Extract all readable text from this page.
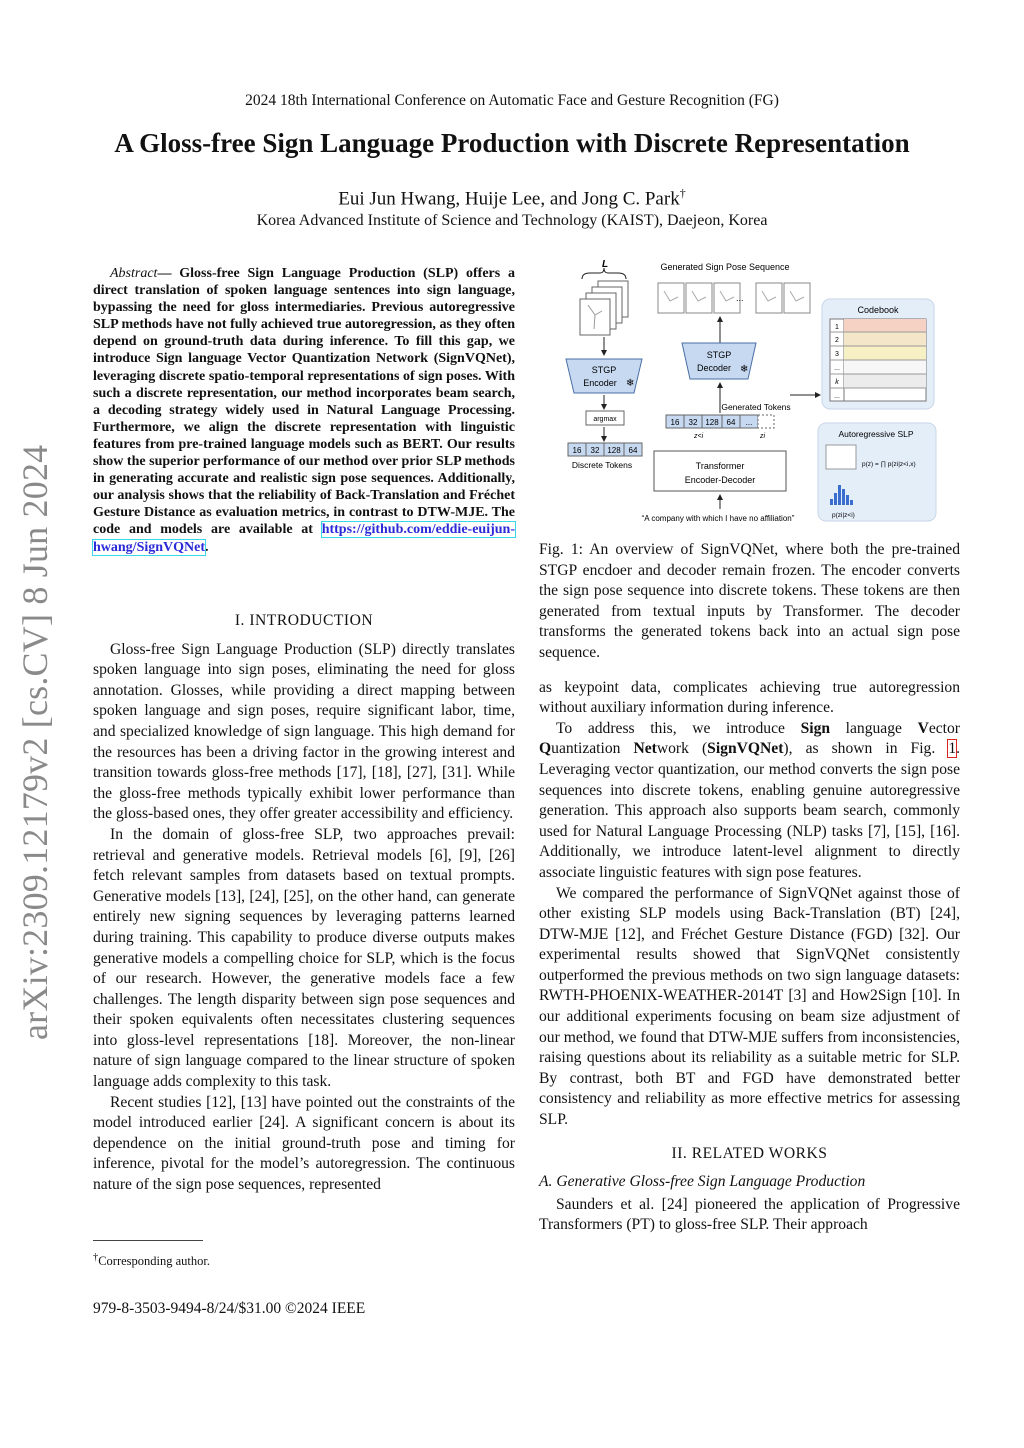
2024 18th International Conference on Automatic Face and Gesture Recognition (FG)
A Gloss-free Sign Language Production with Discrete Representation
Eui Jun Hwang, Huije Lee, and Jong C. Park†
Korea Advanced Institute of Science and Technology (KAIST), Daejeon, Korea
arXiv:2309.12179v2 [cs.CV] 8 Jun 2024

Abstract— Gloss-free Sign Language Production (SLP) offers a direct translation of spoken language sentences into sign language, bypassing the need for gloss intermediaries. Previous autoregressive SLP methods have not fully achieved true autoregression, as they often depend on ground-truth data during inference. To fill this gap, we introduce Sign language Vector Quantization Network (SignVQNet), leveraging discrete spatio-temporal representations of sign poses. With such a discrete representation, our method incorporates beam search, a decoding strategy widely used in Natural Language Processing. Furthermore, we align the discrete representation with linguistic features from pre-trained language models such as BERT. Our results show the superior performance of our method over prior SLP methods in generating accurate and realistic sign pose sequences. Additionally, our analysis shows that the reliability of Back-Translation and Fréchet Gesture Distance as evaluation metrics, in contrast to DTW-MJE. The code and models are available at https://github.com/eddie-euijun-hwang/SignVQNet.

I. INTRODUCTION

Gloss-free Sign Language Production (SLP) directly translates spoken language into sign poses, eliminating the need for gloss annotation. Glosses, while providing a direct mapping between spoken language and sign poses, require significant labor, time, and specialized knowledge of sign language. This high demand for the resources has been a driving factor in the growing interest and transition towards gloss-free methods [17], [18], [27], [31]. While the gloss-free methods typically exhibit lower performance than the gloss-based ones, they offer greater accessibility and efficiency.

In the domain of gloss-free SLP, two approaches prevail: retrieval and generative models. Retrieval models [6], [9], [26] fetch relevant samples from datasets based on textual prompts. Generative models [13], [24], [25], on the other hand, can generate entirely new signing sequences by leveraging patterns learned during training. This capability to produce diverse outputs makes generative models a compelling choice for SLP, which is the focus of our research. However, the generative models face a few challenges. The length disparity between sign pose sequences and their spoken equivalents often necessitates clustering sequences into gloss-level representations [18]. Moreover, the non-linear nature of sign language compared to the linear structure of spoken language adds complexity to this task.

Recent studies [12], [13] have pointed out the constraints of the model introduced earlier [24]. A significant concern is about its dependence on the initial ground-truth pose and timing for inference, pivotal for the model’s autoregression. The continuous nature of the sign pose sequences, represented

†Corresponding author.
979-8-3503-9494-8/24/$31.00 ©2024 IEEE
L
STGP
Encoder ❄
argmax
16 32 128 64
Discrete Tokens
Generated Sign Pose Sequence
...
STGP
Decoder ❄
Codebook
1
2
3
...
k
...
Generated Tokens
16 32 128 64 ...
z<i	zi
Transformer
Encoder-Decoder
“A company with which I have no affiliation”
Autoregressive SLP
p(z) = ∏ p(zi|z<i,x)
p(zi|z<i)
Fig. 1: An overview of SignVQNet, where both the pre-trained STGP encdoer and decoder remain frozen. The encoder converts the sign pose sequence into discrete tokens. These tokens are then generated from textual inputs by Transformer. The decoder transforms the generated tokens back into an actual sign pose sequence.

as keypoint data, complicates achieving true autoregression without auxiliary information during inference.

To address this, we introduce Sign language Vector Quantization Network (SignVQNet), as shown in Fig. 1. Leveraging vector quantization, our method converts the sign pose sequences into discrete tokens, enabling genuine autoregressive generation. This approach also supports beam search, commonly used for Natural Language Processing (NLP) tasks [7], [15], [16]. Additionally, we introduce latent-level alignment to directly associate linguistic features with sign pose features.

We compared the performance of SignVQNet against those of other existing SLP models using Back-Translation (BT) [24], DTW-MJE [12], and Fréchet Gesture Distance (FGD) [32]. Our experimental results showed that SignVQNet consistently outperformed the previous methods on two sign language datasets: RWTH-PHOENIX-WEATHER-2014T [3] and How2Sign [10]. In our additional experiments focusing on beam size adjustment of our method, we found that DTW-MJE suffers from inconsistencies, raising questions about its reliability as a suitable metric for SLP. By contrast, both BT and FGD have demonstrated better consistency and reliability as more effective metrics for assessing SLP.

II. RELATED WORKS
A. Generative Gloss-free Sign Language Production

Saunders et al. [24] pioneered the application of Progressive Transformers (PT) to gloss-free SLP. Their approach
